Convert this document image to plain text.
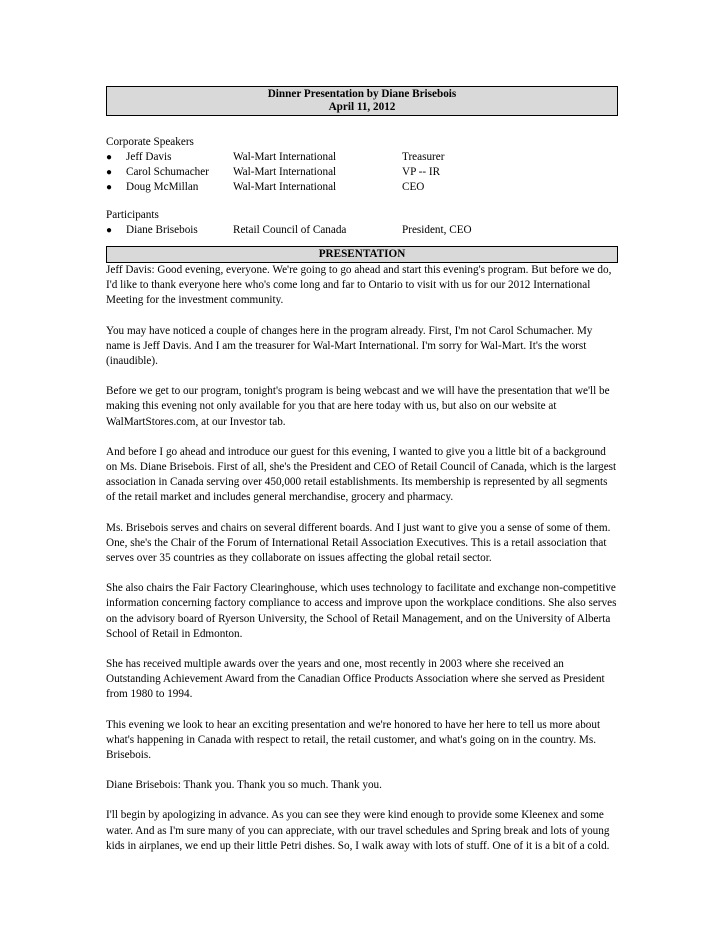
Dinner Presentation by Diane Brisebois
April 11, 2012
Corporate Speakers
●	Jeff Davis	Wal-Mart International	Treasurer
●	Carol Schumacher	Wal-Mart International	VP -- IR
●	Doug McMillan	Wal-Mart International	CEO
Participants
●	Diane Brisebois	Retail Council of Canada	President, CEO
PRESENTATION

Jeff Davis: Good evening, everyone. We're going to go ahead and start this evening's program. But before we do, I'd like to thank everyone here who's come long and far to Ontario to visit with us for our 2012 International Meeting for the investment community.

You may have noticed a couple of changes here in the program already. First, I'm not Carol Schumacher. My name is Jeff Davis. And I am the treasurer for Wal-Mart International. I'm sorry for Wal-Mart. It's the worst (inaudible).

Before we get to our program, tonight's program is being webcast and we will have the presentation that we'll be making this evening not only available for you that are here today with us, but also on our website at WalMartStores.com, at our Investor tab.

And before I go ahead and introduce our guest for this evening, I wanted to give you a little bit of a background on Ms. Diane Brisebois. First of all, she's the President and CEO of Retail Council of Canada, which is the largest association in Canada serving over 450,000 retail establishments. Its membership is represented by all segments of the retail market and includes general merchandise, grocery and pharmacy.

Ms. Brisebois serves and chairs on several different boards. And I just want to give you a sense of some of them. One, she's the Chair of the Forum of International Retail Association Executives. This is a retail association that serves over 35 countries as they collaborate on issues affecting the global retail sector.

She also chairs the Fair Factory Clearinghouse, which uses technology to facilitate and exchange non-competitive information concerning factory compliance to access and improve upon the workplace conditions. She also serves on the advisory board of Ryerson University, the School of Retail Management, and on the University of Alberta School of Retail in Edmonton.

She has received multiple awards over the years and one, most recently in 2003 where she received an Outstanding Achievement Award from the Canadian Office Products Association where she served as President from 1980 to 1994.

This evening we look to hear an exciting presentation and we're honored to have her here to tell us more about what's happening in Canada with respect to retail, the retail customer, and what's going on in the country. Ms. Brisebois.

Diane Brisebois: Thank you. Thank you so much. Thank you.

I'll begin by apologizing in advance. As you can see they were kind enough to provide some Kleenex and some water. And as I'm sure many of you can appreciate, with our travel schedules and Spring break and lots of young kids in airplanes, we end up their little Petri dishes. So, I walk away with lots of stuff. One of it is a bit of a cold.
